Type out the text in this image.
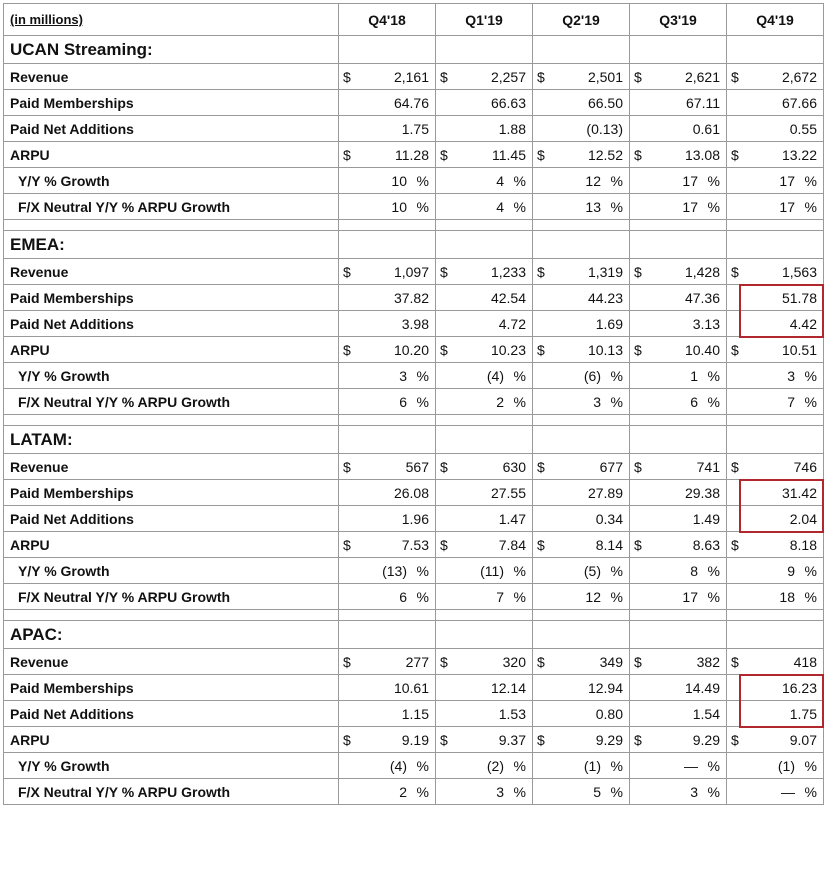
(in millions)	Q4'18	Q1'19	Q2'19	Q3'19	Q4'19
UCAN Streaming:					
Revenue	$ 2,161	$ 2,257	$ 2,501	$ 2,621	$ 2,672
Paid Memberships	64.76	66.63	66.50	67.11	67.66
Paid Net Additions	1.75	1.88	(0.13)	0.61	0.55
ARPU	$ 11.28	$ 11.45	$ 12.52	$ 13.08	$ 13.22
Y/Y % Growth	10%	4%	12%	17%	17%
F/X Neutral Y/Y % ARPU Growth	10%	4%	13%	17%	17%

EMEA:					
Revenue	$ 1,097	$ 1,233	$ 1,319	$ 1,428	$ 1,563
Paid Memberships	37.82	42.54	44.23	47.36	51.78
Paid Net Additions	3.98	4.72	1.69	3.13	4.42
ARPU	$ 10.20	$ 10.23	$ 10.13	$ 10.40	$ 10.51
Y/Y % Growth	3%	(4) %	(6) %	1%	3%
F/X Neutral Y/Y % ARPU Growth	6%	2%	3%	6%	7%

LATAM:					
Revenue	$ 567	$ 630	$ 677	$ 741	$ 746
Paid Memberships	26.08	27.55	27.89	29.38	31.42
Paid Net Additions	1.96	1.47	0.34	1.49	2.04
ARPU	$ 7.53	$ 7.84	$ 8.14	$ 8.63	$ 8.18
Y/Y % Growth	(13) %	(11) %	(5) %	8%	9%
F/X Neutral Y/Y % ARPU Growth	6%	7%	12%	17%	18%

APAC:					
Revenue	$ 277	$ 320	$ 349	$ 382	$ 418
Paid Memberships	10.61	12.14	12.94	14.49	16.23
Paid Net Additions	1.15	1.53	0.80	1.54	1.75
ARPU	$ 9.19	$ 9.37	$ 9.29	$ 9.29	$ 9.07
Y/Y % Growth	(4) %	(2) %	(1) %	—%	(1) %
F/X Neutral Y/Y % ARPU Growth	2%	3%	5%	3%	—%
